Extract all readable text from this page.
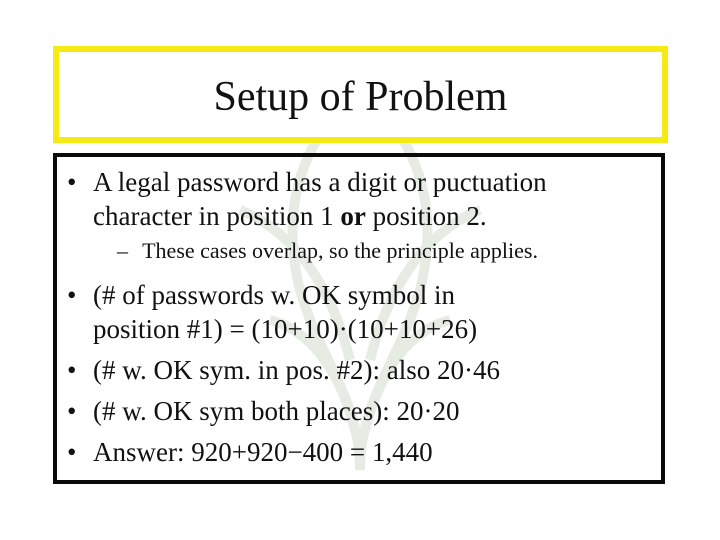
Setup of Problem
• A legal password has a digit or puctuation
character in position 1 or position 2.
– These cases overlap, so the principle applies.
• (# of passwords w. OK symbol in
position #1) = (10+10)·(10+10+26)
• (# w. OK sym. in pos. #2): also 20·46
• (# w. OK sym both places): 20·20
• Answer: 920+920−400 = 1,440
